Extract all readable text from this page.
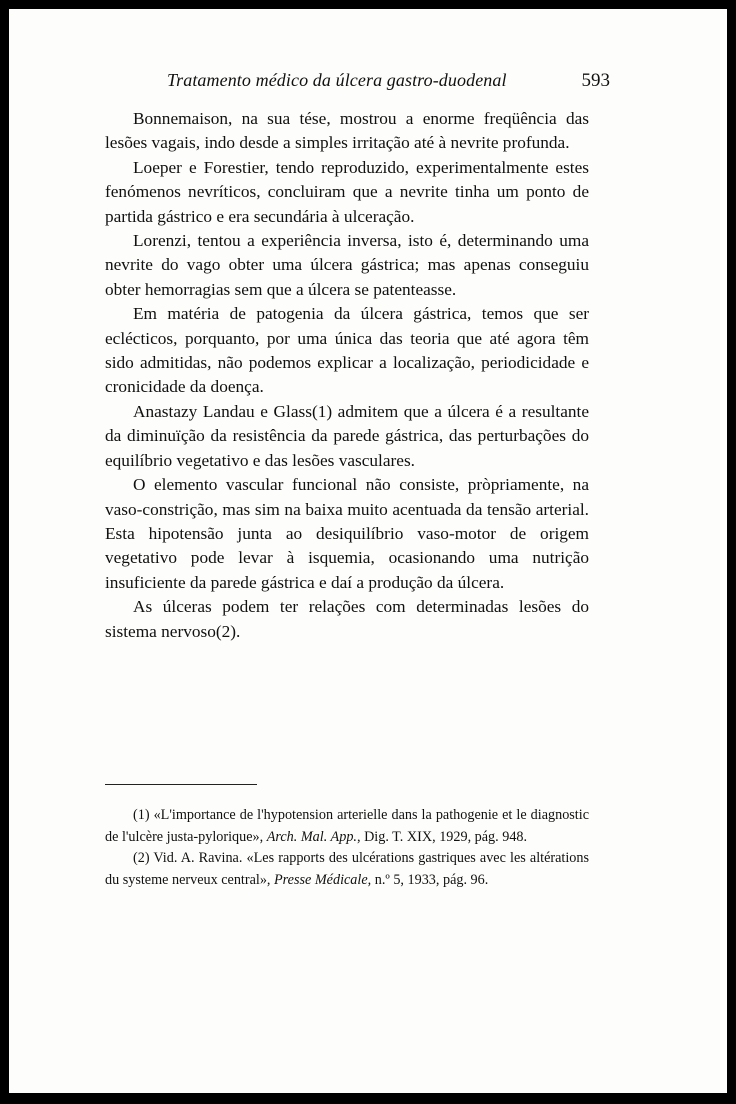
Tratamento médico da úlcera gastro-duodenal	593

Bonnemaison, na sua tése, mostrou a enorme freqüência das lesões vagais, indo desde a simples irritação até à nevrite profunda.

Loeper e Forestier, tendo reproduzido, experimentalmente estes fenómenos nevríticos, concluiram que a nevrite tinha um ponto de partida gástrico e era secundária à ulceração.

Lorenzi, tentou a experiência inversa, isto é, determinando uma nevrite do vago obter uma úlcera gástrica; mas apenas conseguiu obter hemorragias sem que a úlcera se patenteasse.

Em matéria de patogenia da úlcera gástrica, temos que ser eclécticos, porquanto, por uma única das teoria que até agora têm sido admitidas, não podemos explicar a localização, periodicidade e cronicidade da doença.

Anastazy Landau e Glass(1) admitem que a úlcera é a resultante da diminuïção da resistência da parede gástrica, das perturbações do equilíbrio vegetativo e das lesões vasculares.

O elemento vascular funcional não consiste, pròpriamente, na vaso-constrição, mas sim na baixa muito acentuada da tensão arterial. Esta hipotensão junta ao desiquilíbrio vaso-motor de origem vegetativo pode levar à isquemia, ocasionando uma nutrição insuficiente da parede gástrica e daí a produção da úlcera.

As úlceras podem ter relações com determinadas lesões do sistema nervoso(2).

(1) «L'importance de l'hypotension arterielle dans la pathogenie et le diagnostic de l'ulcère justa-pylorique», Arch. Mal. App., Dig. T. XIX, 1929, pág. 948.

(2) Vid. A. Ravina. «Les rapports des ulcérations gastriques avec les altérations du systeme nerveux central», Presse Médicale, n.º 5, 1933, pág. 96.
